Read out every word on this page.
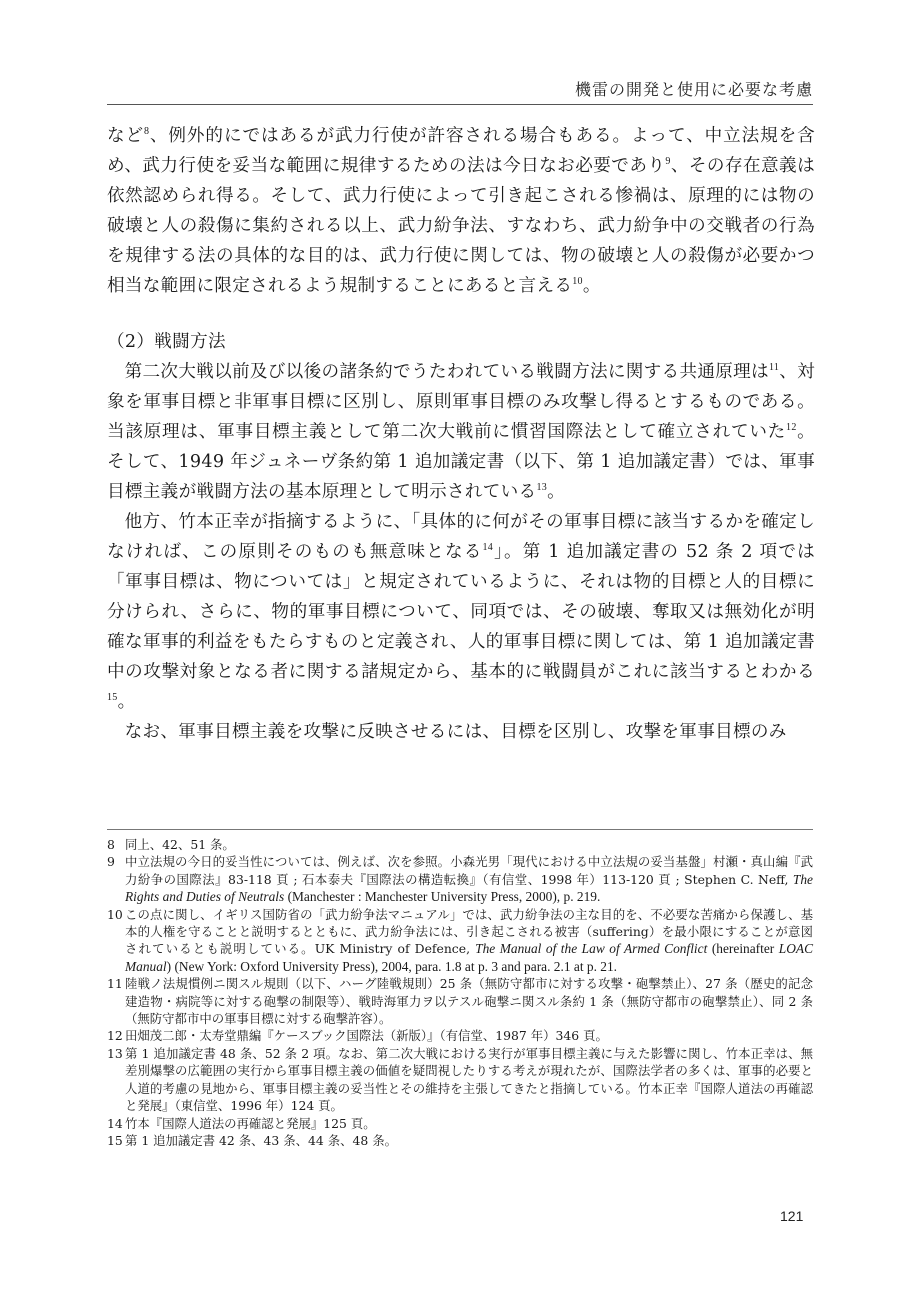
機雷の開発と使用に必要な考慮

など$^8$、例外的にではあるが武力行使が許容される場合もある。よって、中立法規を含め、武力行使を妥当な範囲に規律するための法は今日なお必要であり$^9$、その存在意義は依然認められ得る。そして、武力行使によって引き起こされる惨禍は、原理的には物の破壊と人の殺傷に集約される以上、武力紛争法、すなわち、武力紛争中の交戦者の行為を規律する法の具体的な目的は、武力行使に関しては、物の破壊と人の殺傷が必要かつ相当な範囲に限定されるよう規制することにあると言える$^{10}$。

（2）戦闘方法

第二次大戦以前及び以後の諸条約でうたわれている戦闘方法に関する共通原理は$^{11}$、対象を軍事目標と非軍事目標に区別し、原則軍事目標のみ攻撃し得るとするものである。当該原理は、軍事目標主義として第二次大戦前に慣習国際法として確立されていた$^{12}$。そして、1949 年ジュネーヴ条約第 1 追加議定書（以下、第 1 追加議定書）では、軍事目標主義が戦闘方法の基本原理として明示されている$^{13}$。

他方、竹本正幸が指摘するように、「具体的に何がその軍事目標に該当するかを確定しなければ、この原則そのものも無意味となる$^{14}$」。第 1 追加議定書の 52 条 2 項では「軍事目標は、物については」と規定されているように、それは物的目標と人的目標に分けられ、さらに、物的軍事目標について、同項では、その破壊、奪取又は無効化が明確な軍事的利益をもたらすものと定義され、人的軍事目標に関しては、第 1 追加議定書中の攻撃対象となる者に関する諸規定から、基本的に戦闘員がこれに該当するとわかる$^{15}$。

なお、軍事目標主義を攻撃に反映させるには、目標を区別し、攻撃を軍事目標のみ

8 同上、42、51 条。
9 中立法規の今日的妥当性については、例えば、次を参照。小森光男「現代における中立法規の妥当基盤」村瀬・真山編『武力紛争の国際法』83-118 頁 ; 石本泰夫『国際法の構造転換』（有信堂、1998 年）113-120 頁 ; Stephen C. Neff, The Rights and Duties of Neutrals (Manchester : Manchester University Press, 2000), p. 219.
10 この点に関し、イギリス国防省の「武力紛争法マニュアル」では、武力紛争法の主な目的を、不必要な苦痛から保護し、基本的人権を守ることと説明するとともに、武力紛争法には、引き起こされる被害（suffering）を最小限にすることが意図されているとも説明している。UK Ministry of Defence, The Manual of the Law of Armed Conflict (hereinafter LOAC Manual) (New York: Oxford University Press), 2004, para. 1.8 at p. 3 and para. 2.1 at p. 21.
11 陸戦ノ法規慣例ニ関スル規則（以下、ハーグ陸戦規則）25 条（無防守都市に対する攻撃・砲撃禁止）、27 条（歴史的記念建造物・病院等に対する砲撃の制限等）、戦時海軍力ヲ以テスル砲撃ニ関スル条約 1 条（無防守都市の砲撃禁止）、同 2 条（無防守都市中の軍事目標に対する砲撃許容）。
12 田畑茂二郎・太寿堂鼎編『ケースブック国際法（新版）』（有信堂、1987 年）346 頁。
13 第 1 追加議定書 48 条、52 条 2 項。なお、第二次大戦における実行が軍事目標主義に与えた影響に関し、竹本正幸は、無差別爆撃の広範囲の実行から軍事目標主義の価値を疑問視したりする考えが現れたが、国際法学者の多くは、軍事的必要と人道的考慮の見地から、軍事目標主義の妥当性とその維持を主張してきたと指摘している。竹本正幸『国際人道法の再確認と発展』（東信堂、1996 年）124 頁。
14 竹本『国際人道法の再確認と発展』125 頁。
15 第 1 追加議定書 42 条、43 条、44 条、48 条。
121
